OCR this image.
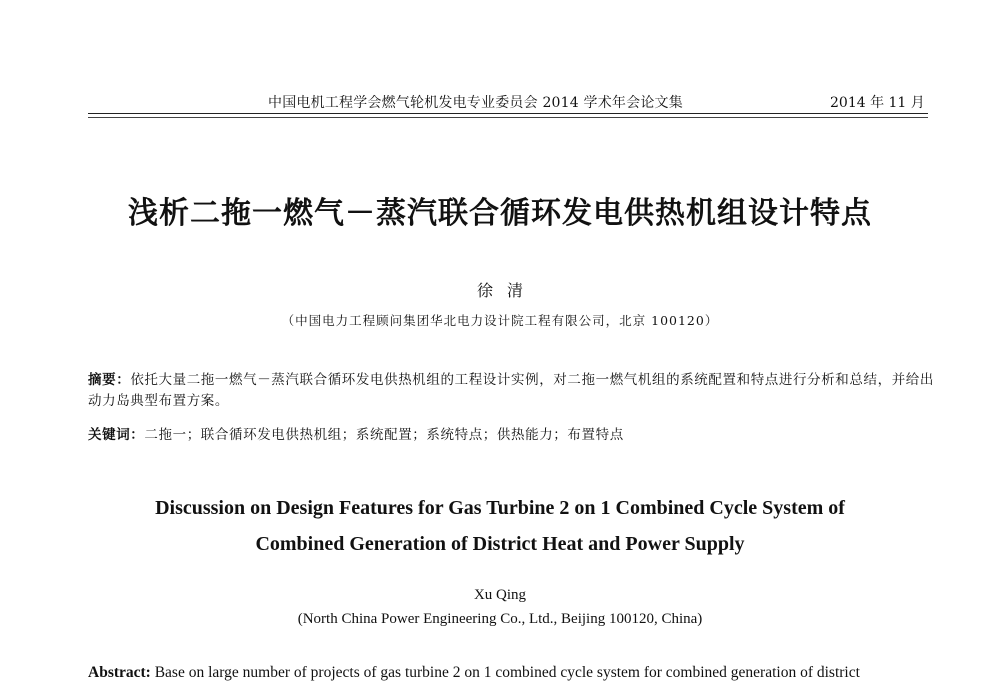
中国电机工程学会燃气轮机发电专业委员会 2014 学术年会论文集	2014 年 11 月
浅析二拖一燃气－蒸汽联合循环发电供热机组设计特点
徐清
（中国电力工程顾问集团华北电力设计院工程有限公司，北京 100120）
摘要：依托大量二拖一燃气－蒸汽联合循环发电供热机组的工程设计实例，对二拖一燃气机组的系统配置和特点进行分析和总结，并给出动力岛典型布置方案。
关键词：二拖一；联合循环发电供热机组；系统配置；系统特点；供热能力；布置特点
Discussion on Design Features for Gas Turbine 2 on 1 Combined Cycle System of
Combined Generation of District Heat and Power Supply
Xu Qing
(North China Power Engineering Co., Ltd., Beijing 100120, China)
Abstract: Base on large number of projects of gas turbine 2 on 1 combined cycle system for combined generation of district
